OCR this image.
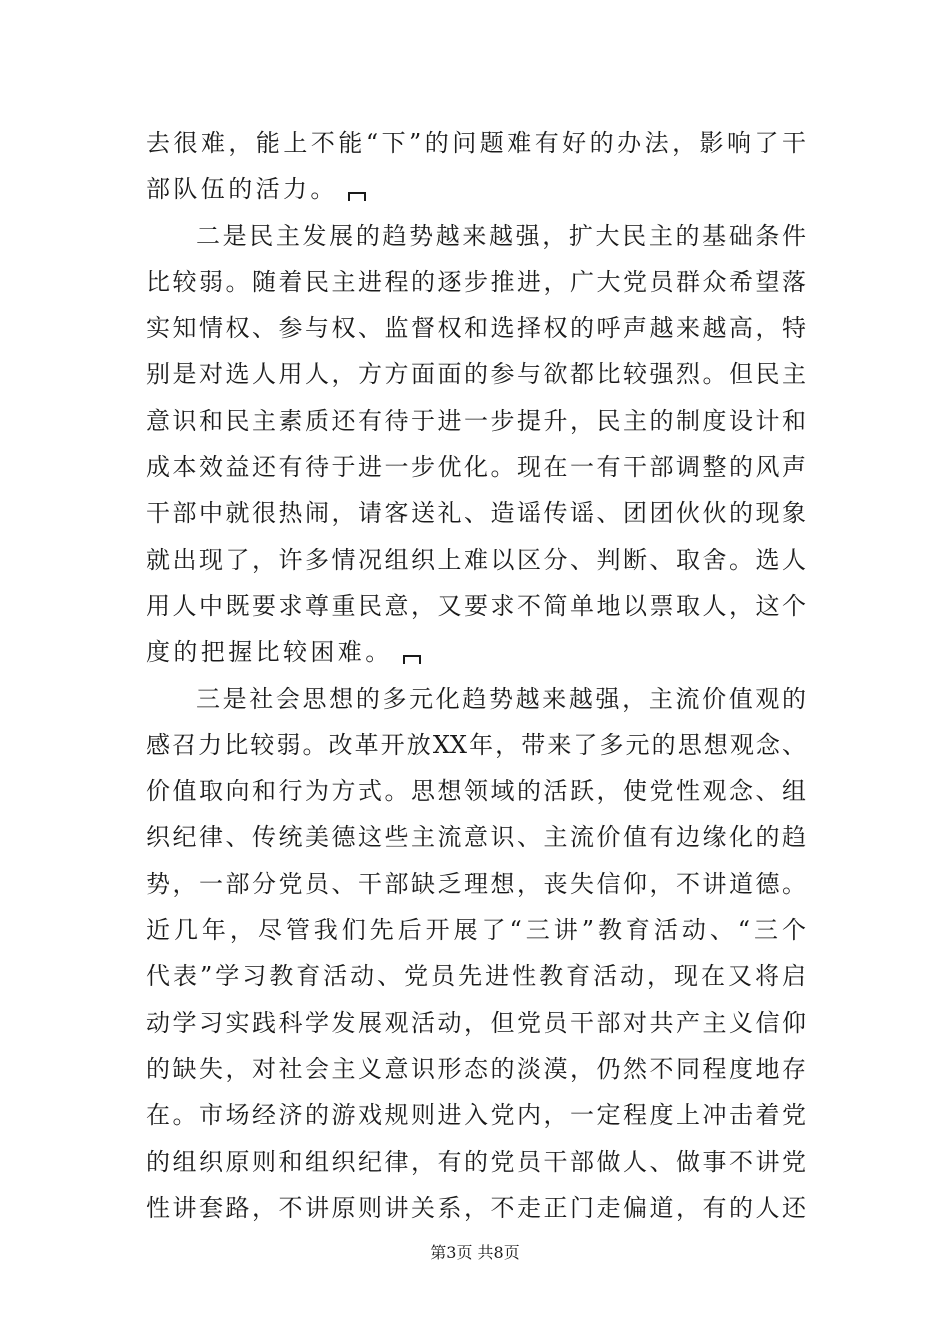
去很难，能上不能“下”的问题难有好的办法，影响了干
部队伍的活力。
二是民主发展的趋势越来越强，扩大民主的基础条件
比较弱。随着民主进程的逐步推进，广大党员群众希望落
实知情权、参与权、监督权和选择权的呼声越来越高，特
别是对选人用人，方方面面的参与欲都比较强烈。但民主
意识和民主素质还有待于进一步提升，民主的制度设计和
成本效益还有待于进一步优化。现在一有干部调整的风声
干部中就很热闹，请客送礼、造谣传谣、团团伙伙的现象
就出现了，许多情况组织上难以区分、判断、取舍。选人
用人中既要求尊重民意，又要求不简单地以票取人，这个
度的把握比较困难。
三是社会思想的多元化趋势越来越强，主流价值观的
感召力比较弱。改革开放XX年，带来了多元的思想观念、
价值取向和行为方式。思想领域的活跃，使党性观念、组
织纪律、传统美德这些主流意识、主流价值有边缘化的趋
势，一部分党员、干部缺乏理想，丧失信仰，不讲道德。
近几年，尽管我们先后开展了“三讲”教育活动、“三个
代表”学习教育活动、党员先进性教育活动，现在又将启
动学习实践科学发展观活动，但党员干部对共产主义信仰
的缺失，对社会主义意识形态的淡漠，仍然不同程度地存
在。市场经济的游戏规则进入党内，一定程度上冲击着党
的组织原则和组织纪律，有的党员干部做人、做事不讲党
性讲套路，不讲原则讲关系，不走正门走偏道，有的人还
第3页 共8页
